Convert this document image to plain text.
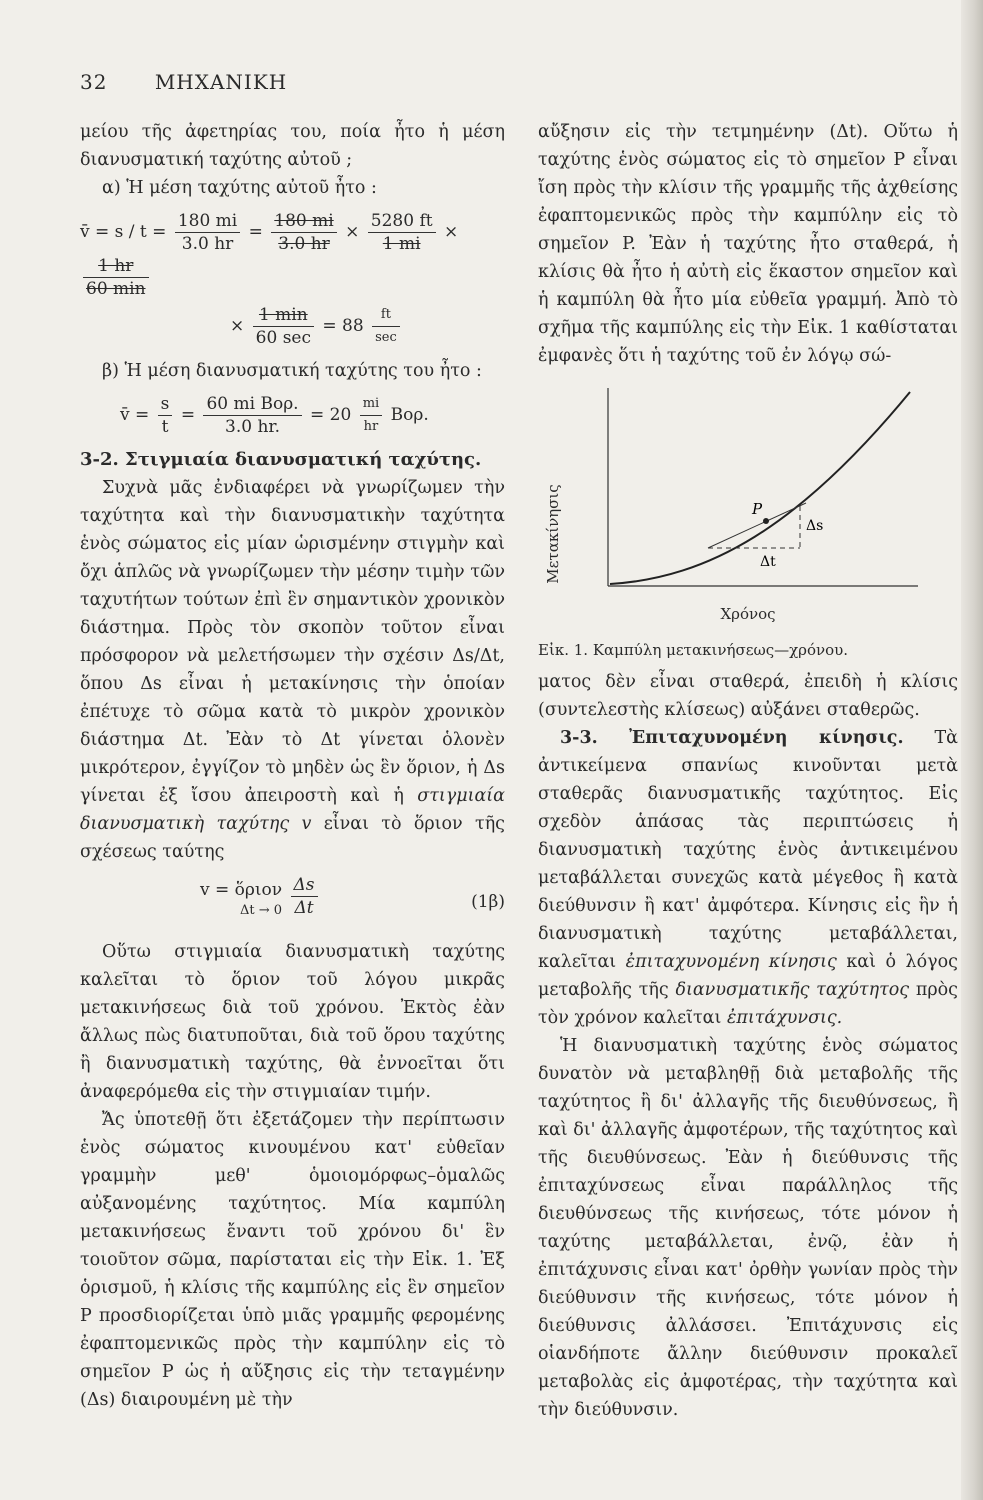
32 ΜΗΧΑΝΙΚΗ

μείου τῆς ἀφετηρίας του, ποία ἦτο ἡ μέση διανυσματική ταχύτης αὐτοῦ ;

α) Ἡ μέση ταχύτης αὐτοῦ ἦτο :

v̄ = $s / t = \frac{180 mi}{3.0 hr} = \frac{180 mi}{3.0 hr} \times \frac{5280 ft}{1 mi}$ ×
$\frac{1 hr}{60 \min}$
× $\frac{1 \min}{60 \sec} = 88 \frac{ft}{\sec}$

β) Ἡ μέση διανυσματική ταχύτης του ἦτο :

v̄ = $\frac{s}{t} = \frac{\text{60 mi Βορ.}}{3.0 hr.} = 20 \frac{mi}{hr} Bo\rho$.
3-2. Στιγμιαία διανυσματική ταχύτης.

Συχνὰ μᾶς ἐνδιαφέρει νὰ γνωρίζωμεν τὴν ταχύτητα καὶ τὴν διανυσματικὴν ταχύτητα ἑνὸς σώματος εἰς μίαν ὡρισμένην στιγμὴν καὶ ὄχι ἁπλῶς νὰ γνωρίζωμεν τὴν μέσην τιμὴν τῶν ταχυτήτων τούτων ἐπὶ ἓν σημαντικὸν χρονικὸν διάστημα. Πρὸς τὸν σκοπὸν τοῦτον εἶναι πρόσφορον νὰ μελετήσωμεν τὴν σχέσιν Δs/Δt, ὅπου Δs εἶναι ἡ μετακίνησις τὴν ὁποίαν ἐπέτυχε τὸ σῶμα κατὰ τὸ μικρὸν χρονικὸν διάστημα Δt. Ἐὰν τὸ Δt γίνεται ὁλονὲν μικρότερον, ἐγγίζον τὸ μηδὲν ὡς ἓν ὅριον, ἡ Δs γίνεται ἐξ ἴσου ἀπειροστὴ καὶ ἡ στιγμιαία διανυσματικὴ ταχύτης v εἶναι τὸ ὅριον τῆς σχέσεως ταύτης

v = ὅριον
Δt → 0
$\frac{\Delta s}{\Delta t}$	(1β)

Οὕτω στιγμιαία διανυσματικὴ ταχύτης καλεῖται τὸ ὅριον τοῦ λόγου μικρᾶς μετακινήσεως διὰ τοῦ χρόνου. Ἐκτὸς ἐὰν ἄλλως πὼς διατυποῦται, διὰ τοῦ ὅρου ταχύτης ἢ διανυσματικὴ ταχύτης, θὰ ἐννοεῖται ὅτι ἀναφερόμεθα εἰς τὴν στιγμιαίαν τιμήν.

Ἄς ὑποτεθῇ ὅτι ἐξετάζομεν τὴν περίπτωσιν ἑνὸς σώματος κινουμένου κατ' εὐθεῖαν γραμμὴν μεθ' ὁμοιομόρφως–ὁμαλῶς αὐξανομένης ταχύτητος. Μία καμπύλη μετακινήσεως ἔναντι τοῦ χρόνου δι' ἓν τοιοῦτον σῶμα, παρίσταται εἰς τὴν Εἰκ. 1. Ἐξ ὁρισμοῦ, ἡ κλίσις τῆς καμπύλης εἰς ἓν σημεῖον P προσδιορίζεται ὑπὸ μιᾶς γραμμῆς φερομένης ἐφαπτομενικῶς πρὸς τὴν καμπύλην εἰς τὸ σημεῖον P ὡς ἡ αὔξησις εἰς τὴν τεταγμένην (Δs) διαιρουμένη μὲ τὴν

αὔξησιν εἰς τὴν τετμημένην (Δt). Οὕτω ἡ ταχύτης ἑνὸς σώματος εἰς τὸ σημεῖον P εἶναι ἴση πρὸς τὴν κλίσιν τῆς γραμμῆς τῆς ἀχθείσης ἐφαπτομενικῶς πρὸς τὴν καμπύλην εἰς τὸ σημεῖον P. Ἐὰν ἡ ταχύτης ἦτο σταθερά, ἡ κλίσις θὰ ἦτο ἡ αὐτὴ εἰς ἕκαστον σημεῖον καὶ ἡ καμπύλη θὰ ἦτο μία εὐθεῖα γραμμή. Ἀπὸ τὸ σχῆμα τῆς καμπύλης εἰς τὴν Εἰκ. 1 καθίσταται ἐμφανὲς ὅτι ἡ ταχύτης τοῦ ἐν λόγῳ σώ-

P
Δs
Δt
Μετακίνησις
Χρόνος
Εἰκ. 1. Καμπύλη μετακινήσεως—χρόνου.

ματος δὲν εἶναι σταθερά, ἐπειδὴ ἡ κλίσις (συντελεστὴς κλίσεως) αὐξάνει σταθερῶς.

3-3. Ἐπιταχυνομένη κίνησις. Τὰ ἀντικείμενα σπανίως κινοῦνται μετὰ σταθερᾶς διανυσματικῆς ταχύτητος. Εἰς σχεδὸν ἁπάσας τὰς περιπτώσεις ἡ διανυσματικὴ ταχύτης ἑνὸς ἀντικειμένου μεταβάλλεται συνεχῶς κατὰ μέγεθος ἢ κατὰ διεύθυνσιν ἢ κατ' ἀμφότερα. Κίνησις εἰς ἣν ἡ διανυσματικὴ ταχύτης μεταβάλλεται, καλεῖται ἐπιταχυνομένη κίνησις καὶ ὁ λόγος μεταβολῆς τῆς διανυσματικῆς ταχύτητος πρὸς τὸν χρόνον καλεῖται ἐπιτάχυνσις.

Ἡ διανυσματικὴ ταχύτης ἑνὸς σώματος δυνατὸν νὰ μεταβληθῇ διὰ μεταβολῆς τῆς ταχύτητος ἢ δι' ἀλλαγῆς τῆς διευθύνσεως, ἢ καὶ δι' ἀλλαγῆς ἀμφοτέρων, τῆς ταχύτητος καὶ τῆς διευθύνσεως. Ἐὰν ἡ διεύθυνσις τῆς ἐπιταχύνσεως εἶναι παράλληλος τῆς διευθύνσεως τῆς κινήσεως, τότε μόνον ἡ ταχύτης μεταβάλλεται, ἐνῷ, ἐὰν ἡ ἐπιτάχυνσις εἶναι κατ' ὀρθὴν γωνίαν πρὸς τὴν διεύθυνσιν τῆς κινήσεως, τότε μόνον ἡ διεύθυνσις ἀλλάσσει. Ἐπιτάχυνσις εἰς οἱανδήποτε ἄλλην διεύθυνσιν προκαλεῖ μεταβολὰς εἰς ἀμφοτέρας, τὴν ταχύτητα καὶ τὴν διεύθυνσιν.
